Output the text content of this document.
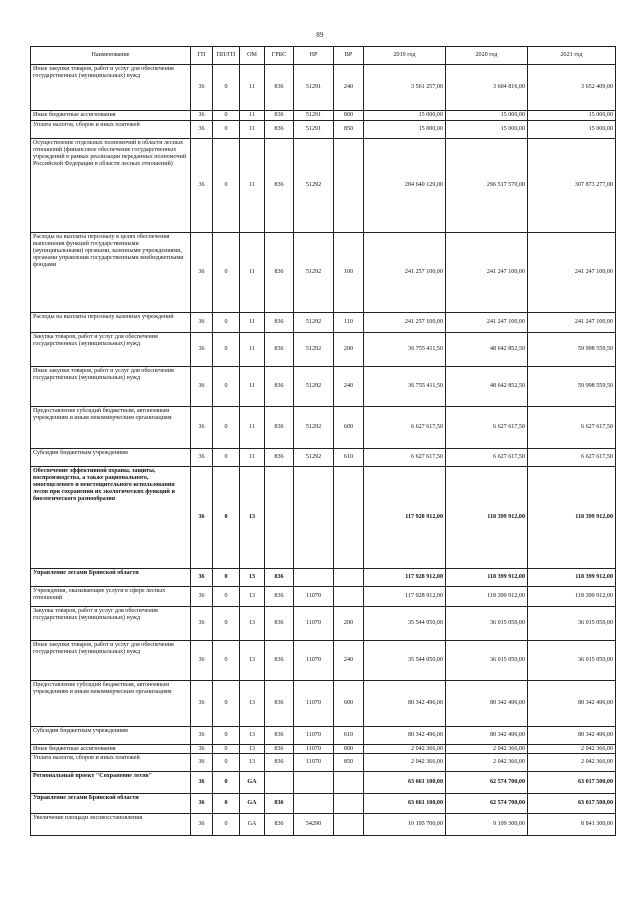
89
Наименование	ГП	ПП/ГП	ОМ	ГРБС	НР	ВР	2019 год	2020 год	2021 год
Иные закупки товаров, работ и услуг для обеспечения государственных (муниципальных) нужд	36	0	11	836	51291	240	3 561 257,00	3 604 816,00	3 652 409,00
Иные бюджетные ассигнования	36	0	11	836	51291	800	15 000,00	15 000,00	15 000,00
Уплата налогов, сборов и иных платежей	36	0	11	836	51291	850	15 000,00	15 000,00	15 000,00
Осуществление отдельных полномочий в области лесных отношений (финансовое обеспечение государственных учреждений в рамках реализации переданных полномочий Российской Федерации в области лесных отношений)	36	0	11	836	51292		284 640 129,00	296 517 570,00	307 873 277,00
Расходы на выплаты персоналу в целях обеспечения выполнения функций государственными (муниципальными) органами, казенными учреждениями, органами управления государственными внебюджетными фондами	36	0	11	836	51292	100	241 257 100,00	241 247 100,00	241 247 100,00
Расходы на выплаты персоналу казенных учреждений	36	0	11	836	51292	110	241 257 100,00	241 247 100,00	241 247 100,00
Закупка товаров, работ и услуг для обеспечения государственных (муниципальных) нужд	36	0	11	836	51292	200	36 755 411,50	48 642 852,50	59 998 559,50
Иные закупки товаров, работ и услуг для обеспечения государственных (муниципальных) нужд	36	0	11	836	51292	240	36 755 411,50	48 642 852,50	59 998 559,50
Предоставление субсидий бюджетным, автономным учреждениям и иным некоммерческим организациям	36	0	11	836	51292	600	6 627 617,50	6 627 617,50	6 627 617,50
Субсидии бюджетным учреждениям	36	0	11	836	51292	610	6 627 617,50	6 627 617,50	6 627 617,50
Обеспечение эффективной охраны, защиты, воспроизводства, а также рационального, многоцелевого и неистощительного использования лесов при сохранении их экологических функций и биологического разнообразия	36	0	13				117 928 912,00	118 399 912,00	118 399 912,00
Управление лесами Брянской области	36	0	13	836			117 928 912,00	118 399 912,00	118 399 912,00
Учреждения, оказывающие услуги в сфере лесных отношений	36	0	13	836	11070		117 928 912,00	118 399 912,00	118 399 912,00
Закупка товаров, работ и услуг для обеспечения государственных (муниципальных) нужд	36	0	13	836	11070	200	35 544 050,00	36 015 050,00	36 015 050,00
Иные закупки товаров, работ и услуг для обеспечения государственных (муниципальных) нужд	36	0	13	836	11070	240	35 544 050,00	36 015 050,00	36 015 050,00
Предоставление субсидий бюджетным, автономным учреждениям и иным некоммерческим организациям	36	0	13	836	11070	600	80 342 496,00	80 342 496,00	80 342 496,00
Субсидии бюджетным учреждениям	36	0	13	836	11070	610	80 342 496,00	80 342 496,00	80 342 496,00
Иные бюджетные ассигнования	36	0	13	836	11070	800	2 042 366,00	2 042 366,00	2 042 366,00
Уплата налогов, сборов и иных платежей	36	0	13	836	11070	850	2 042 366,00	2 042 366,00	2 042 366,00
Региональный проект "Сохранение лесов"	36	0	GA				63 661 100,00	62 574 700,00	63 017 500,00
Управление лесами Брянской области	36	0	GA	836			63 661 100,00	62 574 700,00	63 017 500,00
Увеличение площади лесовосстановления	36	0	GA	836	54290		10 195 700,00	9 109 300,00	8 841 300,00
